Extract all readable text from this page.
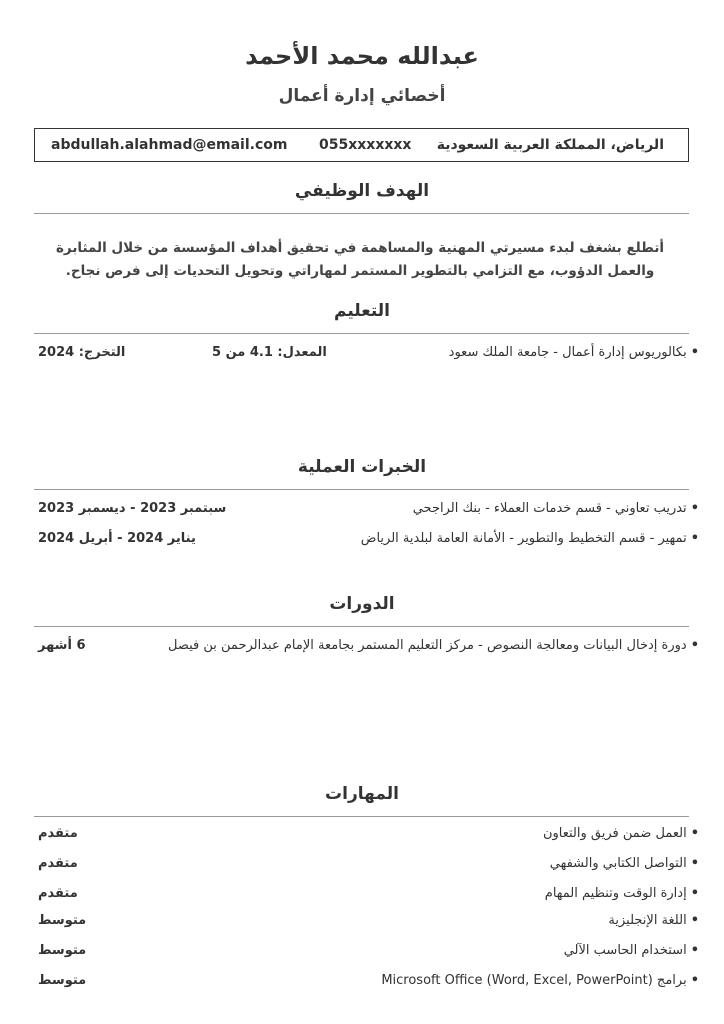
عبدالله محمد الأحمد
أخصائي إدارة أعمال
abdullah.alahmad@email.com 055xxxxxxx الرياض، المملكة العربية السعودية
الهدف الوظيفي
أتطلع بشغف لبدء مسيرتي المهنية والمساهمة في تحقيق أهداف المؤسسة من خلال المثابرة والعمل الدؤوب، مع التزامي بالتطوير المستمر لمهاراتي وتحويل التحديات إلى فرص نجاح.
التعليم
•بكالوريوس إدارة أعمال - جامعة الملك سعود
المعدل: 4.1 من 5
التخرج: 2024
الخبرات العملية
•تدريب تعاوني - قسم خدمات العملاء - بنك الراجحي
سبتمبر 2023 - ديسمبر 2023
•تمهير - قسم التخطيط والتطوير - الأمانة العامة لبلدية الرياض
يناير 2024 - أبريل 2024
الدورات
•دورة إدخال البيانات ومعالجة النصوص - مركز التعليم المستمر بجامعة الإمام عبدالرحمن بن فيصل
6 أشهر
المهارات
•العمل ضمن فريق والتعاون
متقدم
•التواصل الكتابي والشفهي
متقدم
•إدارة الوقت وتنظيم المهام
متقدم
•اللغة الإنجليزية
متوسط
•استخدام الحاسب الآلي
متوسط
•برامج Microsoft Office (Word, Excel, PowerPoint)
متوسط
